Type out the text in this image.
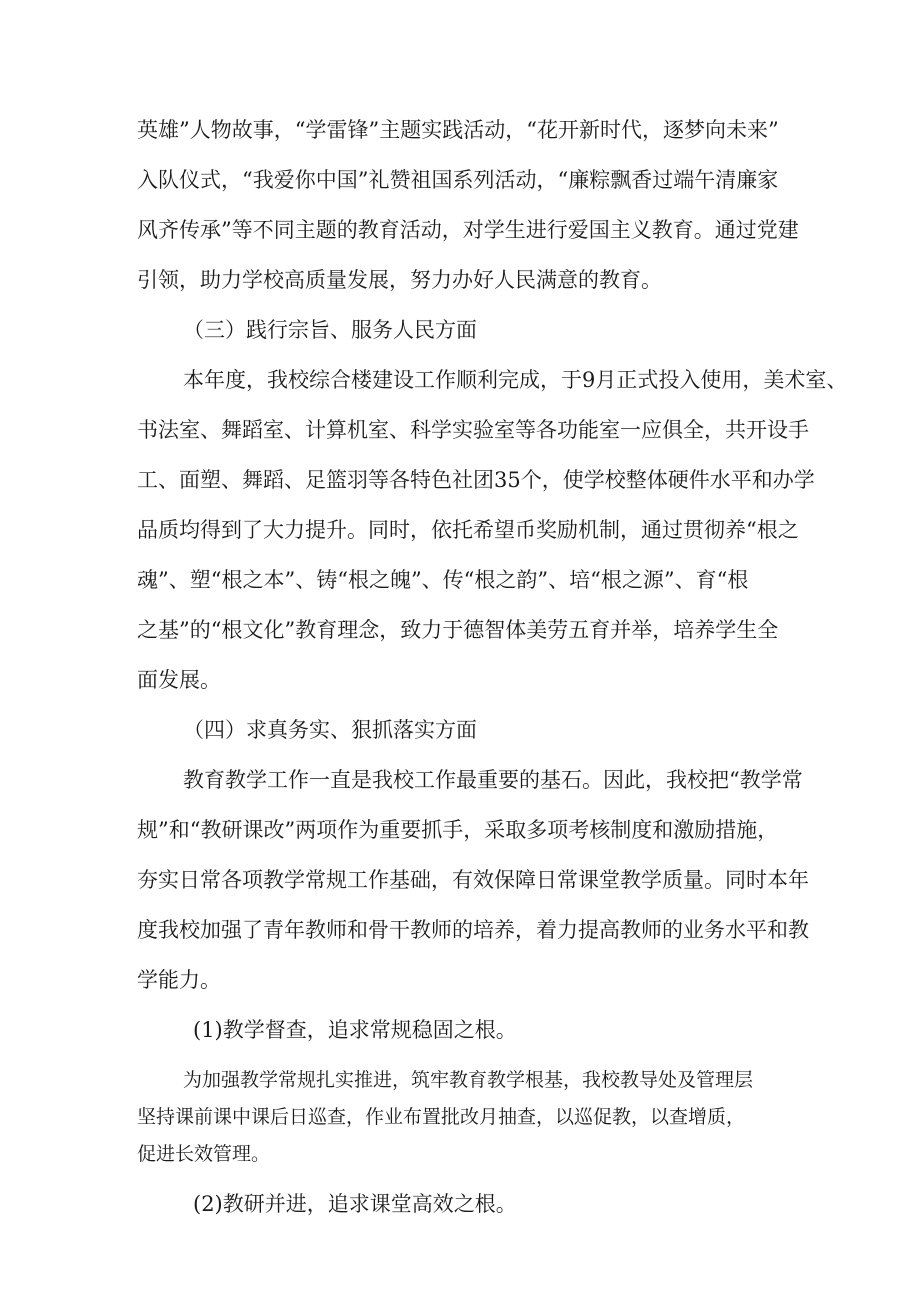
英雄”人物故事，“学雷锋”主题实践活动，“花开新时代，逐梦向未来”
入队仪式，“我爱你中国”礼赞祖国系列活动，“廉粽飘香过端午清廉家
风齐传承”等不同主题的教育活动，对学生进行爱国主义教育。通过党建
引领，助力学校高质量发展，努力办好人民满意的教育。
（三）践行宗旨、服务人民方面
本年度，我校综合楼建设工作顺利完成，于9月正式投入使用，美术室、
书法室、舞蹈室、计算机室、科学实验室等各功能室一应俱全，共开设手
工、面塑、舞蹈、足篮羽等各特色社团35个，使学校整体硬件水平和办学
品质均得到了大力提升。同时，依托希望币奖励机制，通过贯彻养“根之
魂”、塑“根之本”、铸“根之魄”、传“根之韵”、培“根之源”、育“根
之基”的“根文化”教育理念，致力于德智体美劳五育并举，培养学生全
面发展。
（四）求真务实、狠抓落实方面
教育教学工作一直是我校工作最重要的基石。因此，我校把“教学常
规”和“教研课改”两项作为重要抓手，采取多项考核制度和激励措施，
夯实日常各项教学常规工作基础，有效保障日常课堂教学质量。同时本年
度我校加强了青年教师和骨干教师的培养，着力提高教师的业务水平和教
学能力。
(1)教学督查，追求常规稳固之根。
为加强教学常规扎实推进，筑牢教育教学根基，我校教导处及管理层
坚持课前课中课后日巡查，作业布置批改月抽查，以巡促教，以查增质，
促进长效管理。
(2)教研并进，追求课堂高效之根。
